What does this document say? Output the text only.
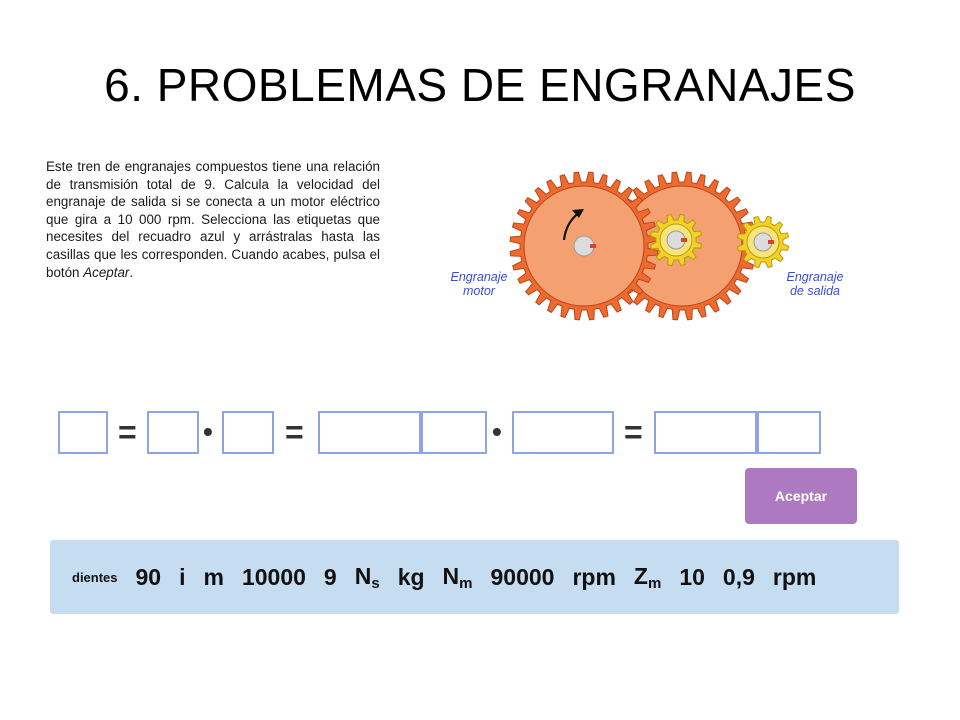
6. PROBLEMAS DE ENGRANAJES
Este tren de engranajes compuestos tiene una relación de transmisión total de 9. Calcula la velocidad del engranaje de salida si se conecta a un motor eléctrico que gira a 10 000 rpm. Selecciona las etiquetas que necesites del recuadro azul y arrástralas hasta las casillas que les corresponden. Cuando acabes, pulsa el botón Aceptar.	Engranaje
motor
Engranaje
de salida
= • =	•	=
Aceptar
dientes 90 i m 10000 9 $N_s$ kg $N_m$ 90000 rpm $Z_m$ 10 0,9 rpm
